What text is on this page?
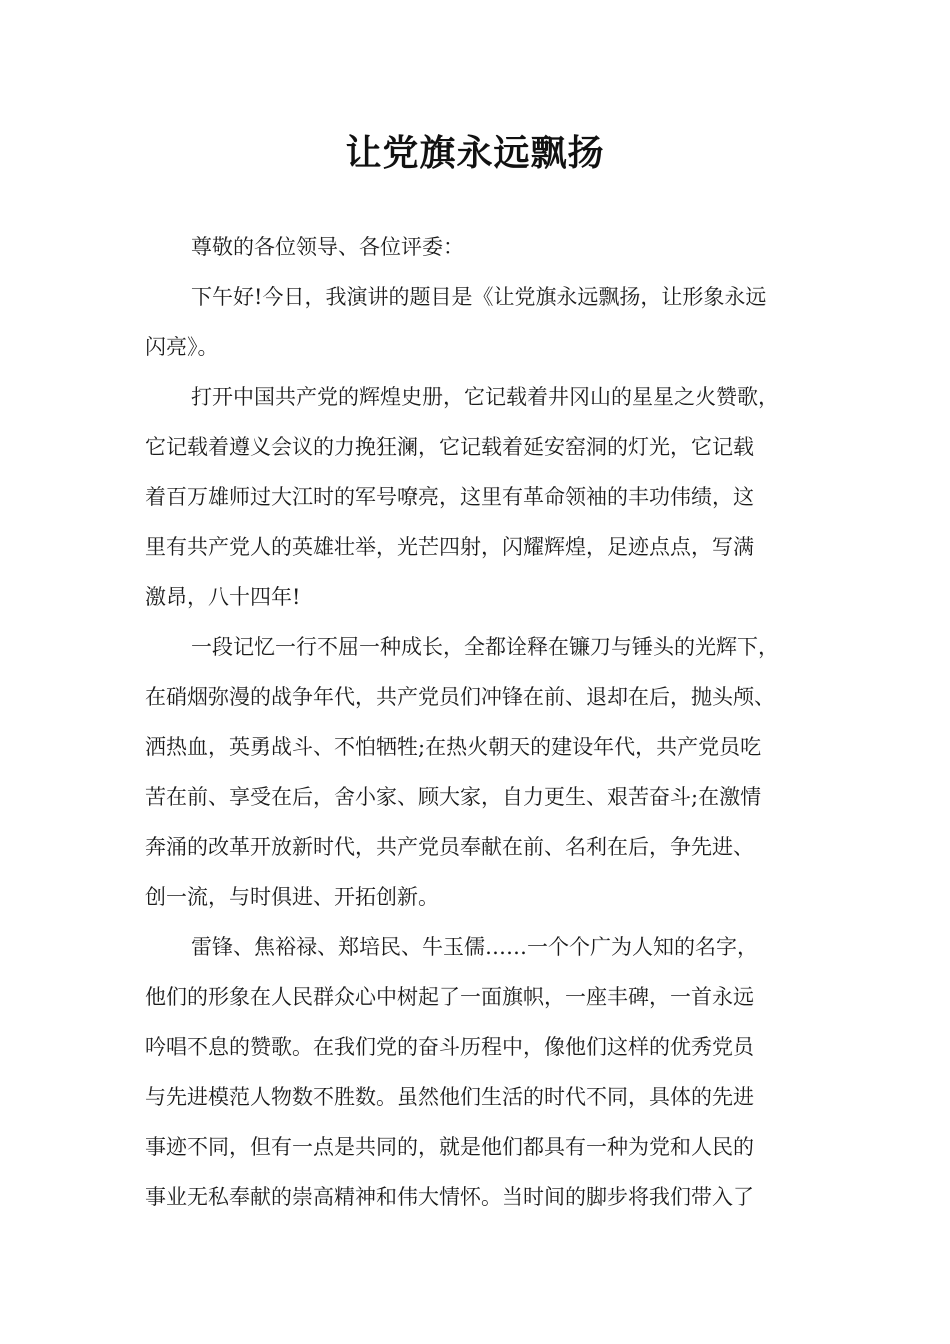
让党旗永远飘扬
尊敬的各位领导、各位评委：
下午好!今日，我演讲的题目是《让党旗永远飘扬，让形象永远
闪亮》。
打开中国共产党的辉煌史册，它记载着井冈山的星星之火赞歌，
它记载着遵义会议的力挽狂澜，它记载着延安窑洞的灯光，它记载
着百万雄师过大江时的军号嘹亮，这里有革命领袖的丰功伟绩，这
里有共产党人的英雄壮举，光芒四射，闪耀辉煌，足迹点点，写满
激昂，八十四年!
一段记忆一行不屈一种成长，全都诠释在镰刀与锤头的光辉下，
在硝烟弥漫的战争年代，共产党员们冲锋在前、退却在后，抛头颅、
洒热血，英勇战斗、不怕牺牲;在热火朝天的建设年代，共产党员吃
苦在前、享受在后，舍小家、顾大家，自力更生、艰苦奋斗;在激情
奔涌的改革开放新时代，共产党员奉献在前、名利在后，争先进、
创一流，与时俱进、开拓创新。
雷锋、焦裕禄、郑培民、牛玉儒……一个个广为人知的名字，
他们的形象在人民群众心中树起了一面旗帜，一座丰碑，一首永远
吟唱不息的赞歌。在我们党的奋斗历程中，像他们这样的优秀党员
与先进模范人物数不胜数。虽然他们生活的时代不同，具体的先进
事迹不同，但有一点是共同的，就是他们都具有一种为党和人民的
事业无私奉献的崇高精神和伟大情怀。当时间的脚步将我们带入了
